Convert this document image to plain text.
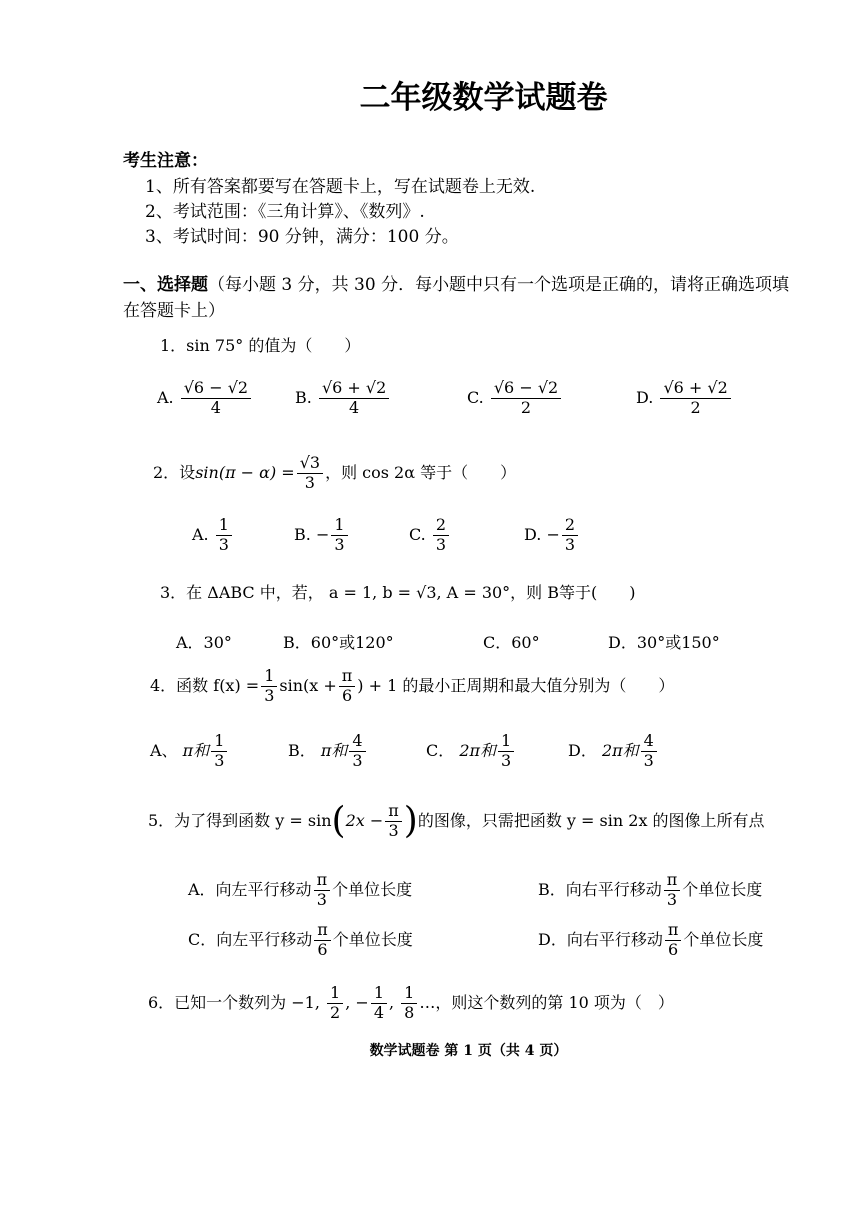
二年级数学试题卷
考生注意：
1、所有答案都要写在答题卡上，写在试题卷上无效.
2、考试范围：《三角计算》、《数列》.
3、考试时间：90 分钟，满分：100 分。
一、选择题（每小题 3 分，共 30 分．每小题中只有一个选项是正确的，请将正确选项填
在答题卡上）
1．sin 75° 的值为（　　）
A. $\frac{√6 - √2}{4}$	B. $\frac{√6 + √2}{4}$	C. $\frac{√6 - √2}{2}$	D. $\frac{√6 + √2}{2}$
2．设$\sin(\pi - \alpha) = \frac{√3}{3}$ ，则 cos 2α 等于（　　）
A. $\frac{1}{3}$	B. − $\frac{1}{3}$	C. $\frac{2}{3}$	D. − $\frac{2}{3}$
3．在 ΔABC 中，若， a = 1, b = √3, A = 30°，则 B等于(　　)
A．30°	B．60°或120°	C．60°	D．30°或150°
4．函数 $f(x) = \frac{1}{3} \sin(x + \frac{\pi}{6}$ ) + 1 的最小正周期和最大值分别为（　　）
A、 π和 $\frac{1}{3}$	B． π和 $\frac{4}{3}$	C． 2π和 $\frac{1}{3}$	D． 2π和 $\frac{4}{3}$
5．为了得到函数 $y = \sin(2x - \frac{\pi}{3}$ )的图像，只需把函数 y = sin 2x 的图像上所有点
A．向左平行移动 $\frac{\pi}{3}$ 个单位长度	B．向右平行移动 $\frac{\pi}{3}$ 个单位长度
C．向左平行移动 $\frac{\pi}{6}$ 个单位长度	D．向右平行移动 $\frac{\pi}{6}$ 个单位长度
6．已知一个数列为 −1, $\frac{1}{2}$ , − $\frac{1}{4}$ , $\frac{1}{8}$ …，则这个数列的第 10 项为（　）
数学试题卷 第 1 页（共 4 页）
